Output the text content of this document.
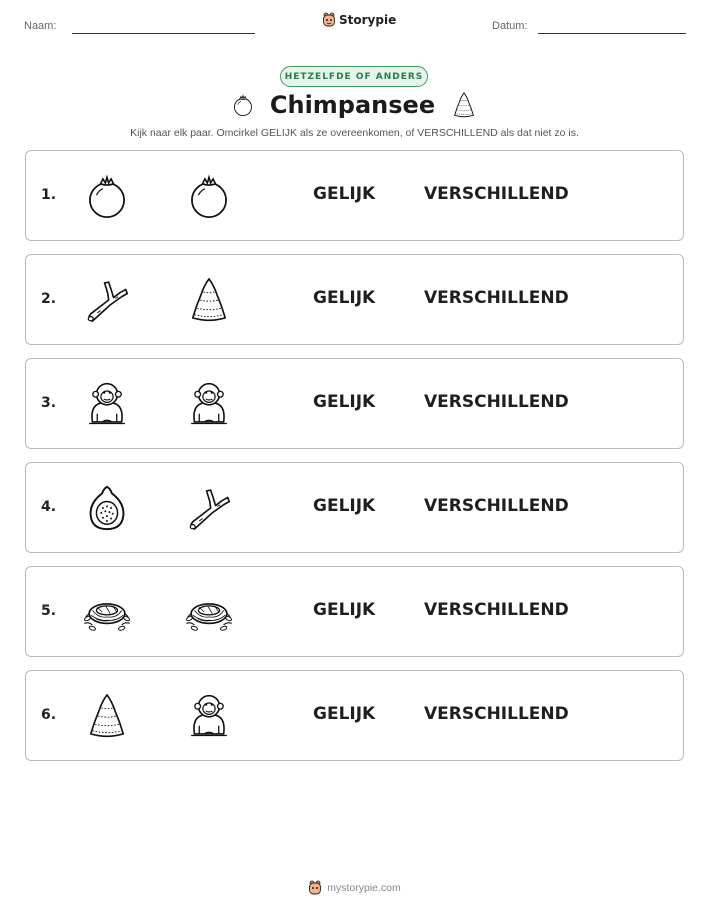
Naam:	Storypie	Datum:
HETZELFDE OF ANDERS
Chimpansee
Kijk naar elk paar. Omcirkel GELIJK als ze overeenkomen, of VERSCHILLEND als dat niet zo is.
1.	GELIJK	VERSCHILLEND
2.	GELIJK	VERSCHILLEND
3.	GELIJK	VERSCHILLEND
4.	GELIJK	VERSCHILLEND
5.	GELIJK	VERSCHILLEND
6.	GELIJK	VERSCHILLEND
mystorypie.com
